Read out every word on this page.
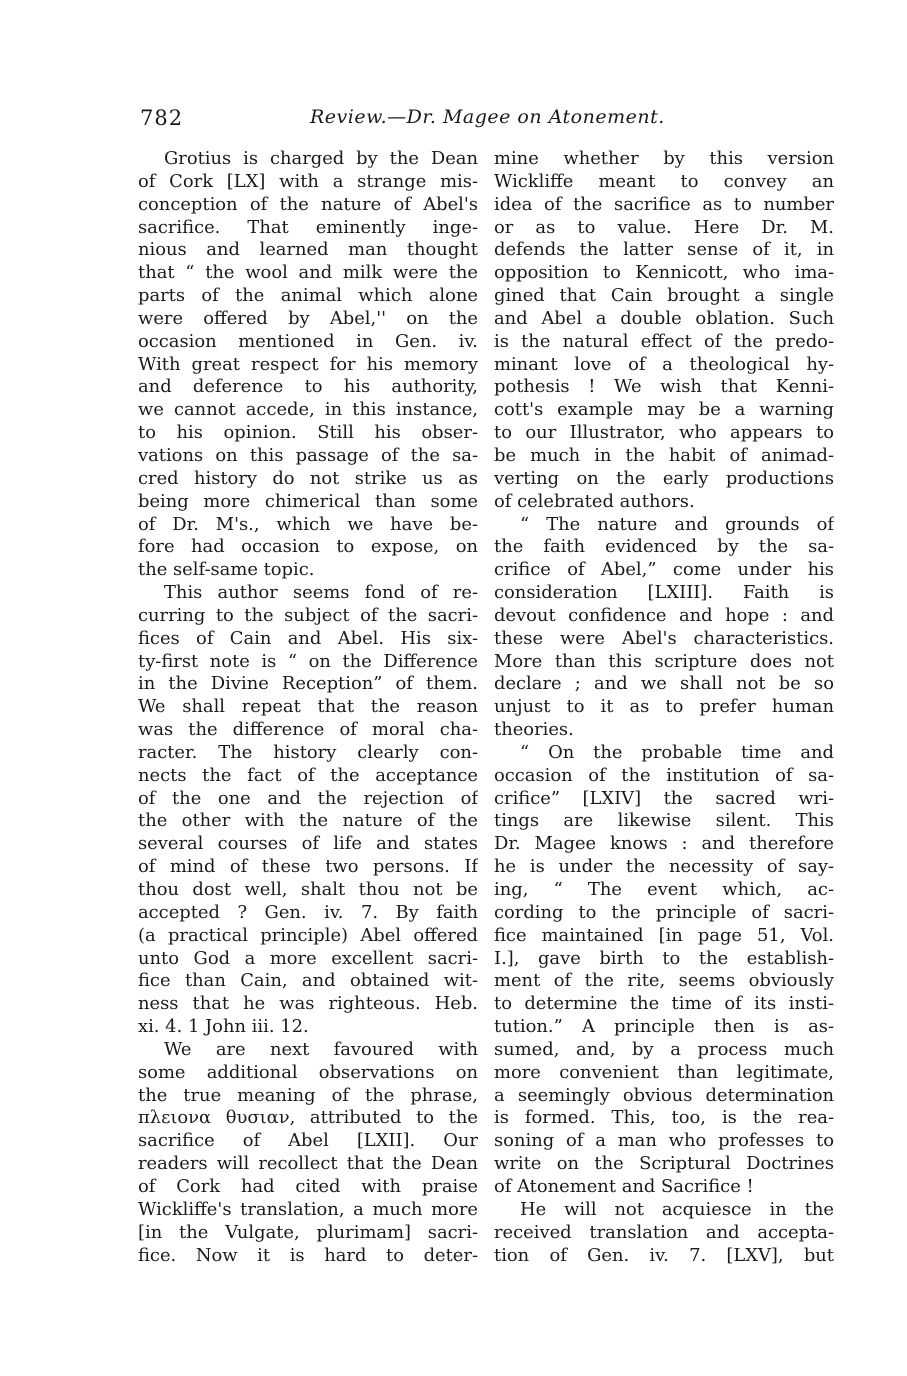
782	Review.—Dr. Magee on Atonement.
Grotius is charged by the Dean
of Cork [LX] with a strange mis-
conception of the nature of Abel's
sacrifice. That eminently inge-
nious and learned man thought
that “ the wool and milk were the
parts of the animal which alone
were offered by Abel,'' on the
occasion mentioned in Gen. iv.
With great respect for his memory
and deference to his authority,
we cannot accede, in this instance,
to his opinion. Still his obser-
vations on this passage of the sa-
cred history do not strike us as
being more chimerical than some
of Dr. M's., which we have be-
fore had occasion to expose, on
the self-same topic.
This author seems fond of re-
curring to the subject of the sacri-
fices of Cain and Abel. His six-
ty-first note is “ on the Difference
in the Divine Reception” of them.
We shall repeat that the reason
was the difference of moral cha-
racter. The history clearly con-
nects the fact of the acceptance
of the one and the rejection of
the other with the nature of the
several courses of life and states
of mind of these two persons. If
thou dost well, shalt thou not be
accepted ? Gen. iv. 7. By faith
(a practical principle) Abel offered
unto God a more excellent sacri-
fice than Cain, and obtained wit-
ness that he was righteous. Heb.
xi. 4. 1 John iii. 12.
We are next favoured with
some additional observations on
the true meaning of the phrase,
πλειονα θυσιαν, attributed to the
sacrifice of Abel [LXII]. Our
readers will recollect that the Dean
of Cork had cited with praise
Wickliffe's translation, a much more
[in the Vulgate, plurimam] sacri-
fice. Now it is hard to deter-
mine whether by this version
Wickliffe meant to convey an
idea of the sacrifice as to number
or as to value. Here Dr. M.
defends the latter sense of it, in
opposition to Kennicott, who ima-
gined that Cain brought a single
and Abel a double oblation. Such
is the natural effect of the predo-
minant love of a theological hy-
pothesis ! We wish that Kenni-
cott's example may be a warning
to our Illustrator, who appears to
be much in the habit of animad-
verting on the early productions
of celebrated authors.
“ The nature and grounds of
the faith evidenced by the sa-
crifice of Abel,” come under his
consideration [LXIII]. Faith is
devout confidence and hope : and
these were Abel's characteristics.
More than this scripture does not
declare ; and we shall not be so
unjust to it as to prefer human
theories.
“ On the probable time and
occasion of the institution of sa-
crifice” [LXIV] the sacred wri-
tings are likewise silent. This
Dr. Magee knows : and therefore
he is under the necessity of say-
ing, “ The event which, ac-
cording to the principle of sacri-
fice maintained [in page 51, Vol.
I.], gave birth to the establish-
ment of the rite, seems obviously
to determine the time of its insti-
tution.” A principle then is as-
sumed, and, by a process much
more convenient than legitimate,
a seemingly obvious determination
is formed. This, too, is the rea-
soning of a man who professes to
write on the Scriptural Doctrines
of Atonement and Sacrifice !
He will not acquiesce in the
received translation and accepta-
tion of Gen. iv. 7. [LXV], but
